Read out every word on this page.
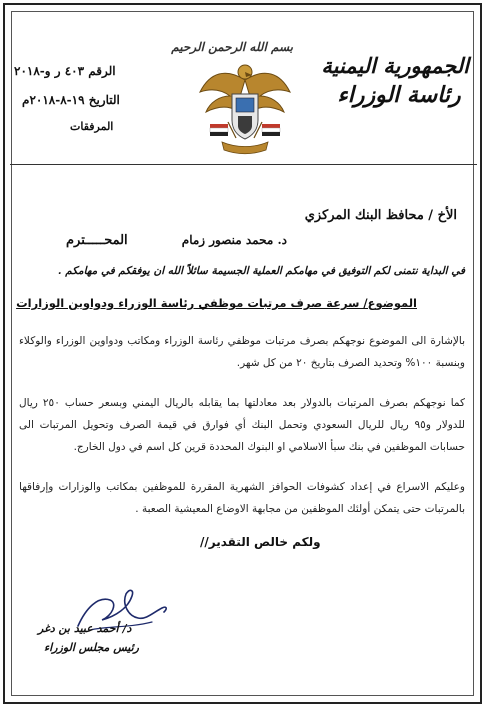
الجمهورية اليمنية
رئاسة الوزراء
بسم الله الرحمن الرحيم
الرقم ٤٠٣ ر و-٢٠١٨
التاريخ ١٩-٨-٢٠١٨م
المرفقات
الأخ / محافظ البنك المركزي
د. محمد منصور زمام
المحـــــترم
في البداية نتمنى لكم التوفيق في مهامكم العملية الجسيمة سائلاً الله ان يوفقكم في مهامكم .
الموضوع/ سرعة صرف مرتبات موظفي رئاسة الوزراء ودواوين الوزارات
بالإشارة الى الموضوع نوجهكم بصرف مرتبات موظفي رئاسة الوزراء ومكاتب ودواوين الوزراء والوكلاء وبنسبة ١٠٠% وتحديد الصرف بتاريخ ٢٠ من كل شهر.
كما نوجهكم بصرف المرتبات بالدولار بعد معادلتها بما يقابله بالريال اليمني وبسعر حساب ٢٥٠ ريال للدولار و٩٥ ريال للريال السعودي وتحمل البنك أي فوارق في قيمة الصرف وتحويل المرتبات الى حسابات الموظفين في بنك سبأ الاسلامي او البنوك المحددة قرين كل اسم في دول الخارج.
وعليكم الاسراع في إعداد كشوفات الحوافز الشهرية المقررة للموظفين بمكاتب والوزارات وإرفاقها بالمرتبات حتى يتمكن أولئك الموظفين من مجابهة الاوضاع المعيشية الصعبة .
ولكم خالص التقدير//
د/ أحمد عبيد بن دغر
رئيس مجلس الوزراء
